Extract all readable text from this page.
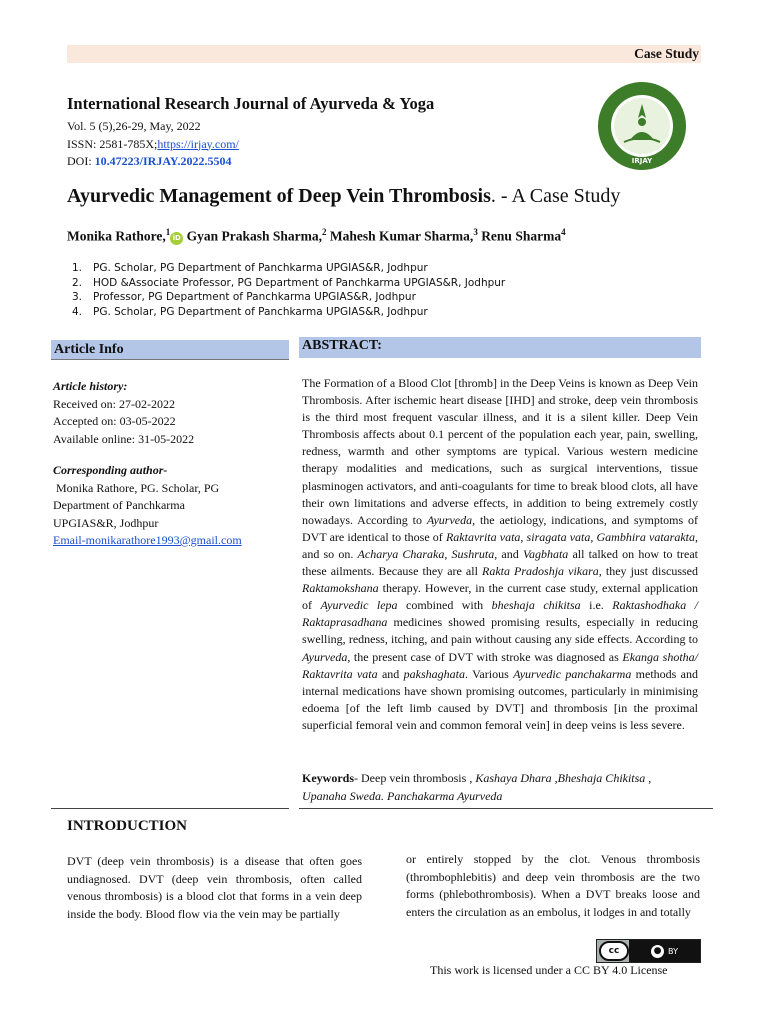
Case Study
International Research Journal of Ayurveda & Yoga
Vol. 5 (5),26-29, May, 2022
ISSN: 2581-785X;https://irjay.com/
DOI: 10.47223/IRJAY.2022.5504	IRJAY
Ayurvedic Management of Deep Vein Thrombosis. - A Case Study
Monika Rathore,$^1$iD Gyan Prakash Sharma,$^2$ Mahesh Kumar Sharma,$^3$ Renu Sharma$^4$
1.	PG. Scholar, PG Department of Panchkarma UPGIAS&R, Jodhpur
2.	HOD &Associate Professor, PG Department of Panchkarma UPGIAS&R, Jodhpur
3.	Professor, PG Department of Panchkarma UPGIAS&R, Jodhpur
4.	PG. Scholar, PG Department of Panchkarma UPGIAS&R, Jodhpur
Article Info	ABSTRACT:
Article history:
Received on: 27-02-2022
Accepted on: 03-05-2022
Available online: 31-05-2022
Corresponding author-
Monika Rathore, PG. Scholar, PG
Department of Panchkarma
UPGIAS&R, Jodhpur
Email-monikarathore1993@gmail.com
The Formation of a Blood Clot [thromb] in the Deep Veins is known as Deep Vein Thrombosis. After ischemic heart disease [IHD] and stroke, deep vein thrombosis is the third most frequent vascular illness, and it is a silent killer. Deep Vein Thrombosis affects about 0.1 percent of the population each year, pain, swelling, redness, warmth and other symptoms are typical. Various western medicine therapy modalities and medications, such as surgical interventions, tissue plasminogen activators, and anti-coagulants for time to break blood clots, all have their own limitations and adverse effects, in addition to being extremely costly nowadays. According to Ayurveda, the aetiology, indications, and symptoms of DVT are identical to those of Raktavrita vata, siragata vata, Gambhira vatarakta, and so on. Acharya Charaka, Sushruta, and Vagbhata all talked on how to treat these ailments. Because they are all Rakta Pradoshja vikara, they just discussed Raktamokshana therapy. However, in the current case study, external application of Ayurvedic lepa combined with bheshaja chikitsa i.e. Raktashodhaka / Raktaprasadhana medicines showed promising results, especially in reducing swelling, redness, itching, and pain without causing any side effects. According to Ayurveda, the present case of DVT with stroke was diagnosed as Ekanga shotha/ Raktavrita vata and pakshaghata. Various Ayurvedic panchakarma methods and internal medications have shown promising outcomes, particularly in minimising edoema [of the left limb caused by DVT] and thrombosis [in the proximal superficial femoral vein and common femoral vein] in deep veins is less severe.
Keywords- Deep vein thrombosis , Kashaya Dhara ,Bheshaja Chikitsa , Upanaha Sweda. Panchakarma Ayurveda
INTRODUCTION
DVT (deep vein thrombosis) is a disease that often goes undiagnosed. DVT (deep vein thrombosis, often called venous thrombosis) is a blood clot that forms in a vein deep inside the body. Blood flow via the vein may be partially
or entirely stopped by the clot. Venous thrombosis (thrombophlebitis) and deep vein thrombosis are the two forms (phlebothrombosis). When a DVT breaks loose and enters the circulation as an embolus, it lodges in and totally
cc	● BY
This work is licensed under a CC BY 4.0 License
